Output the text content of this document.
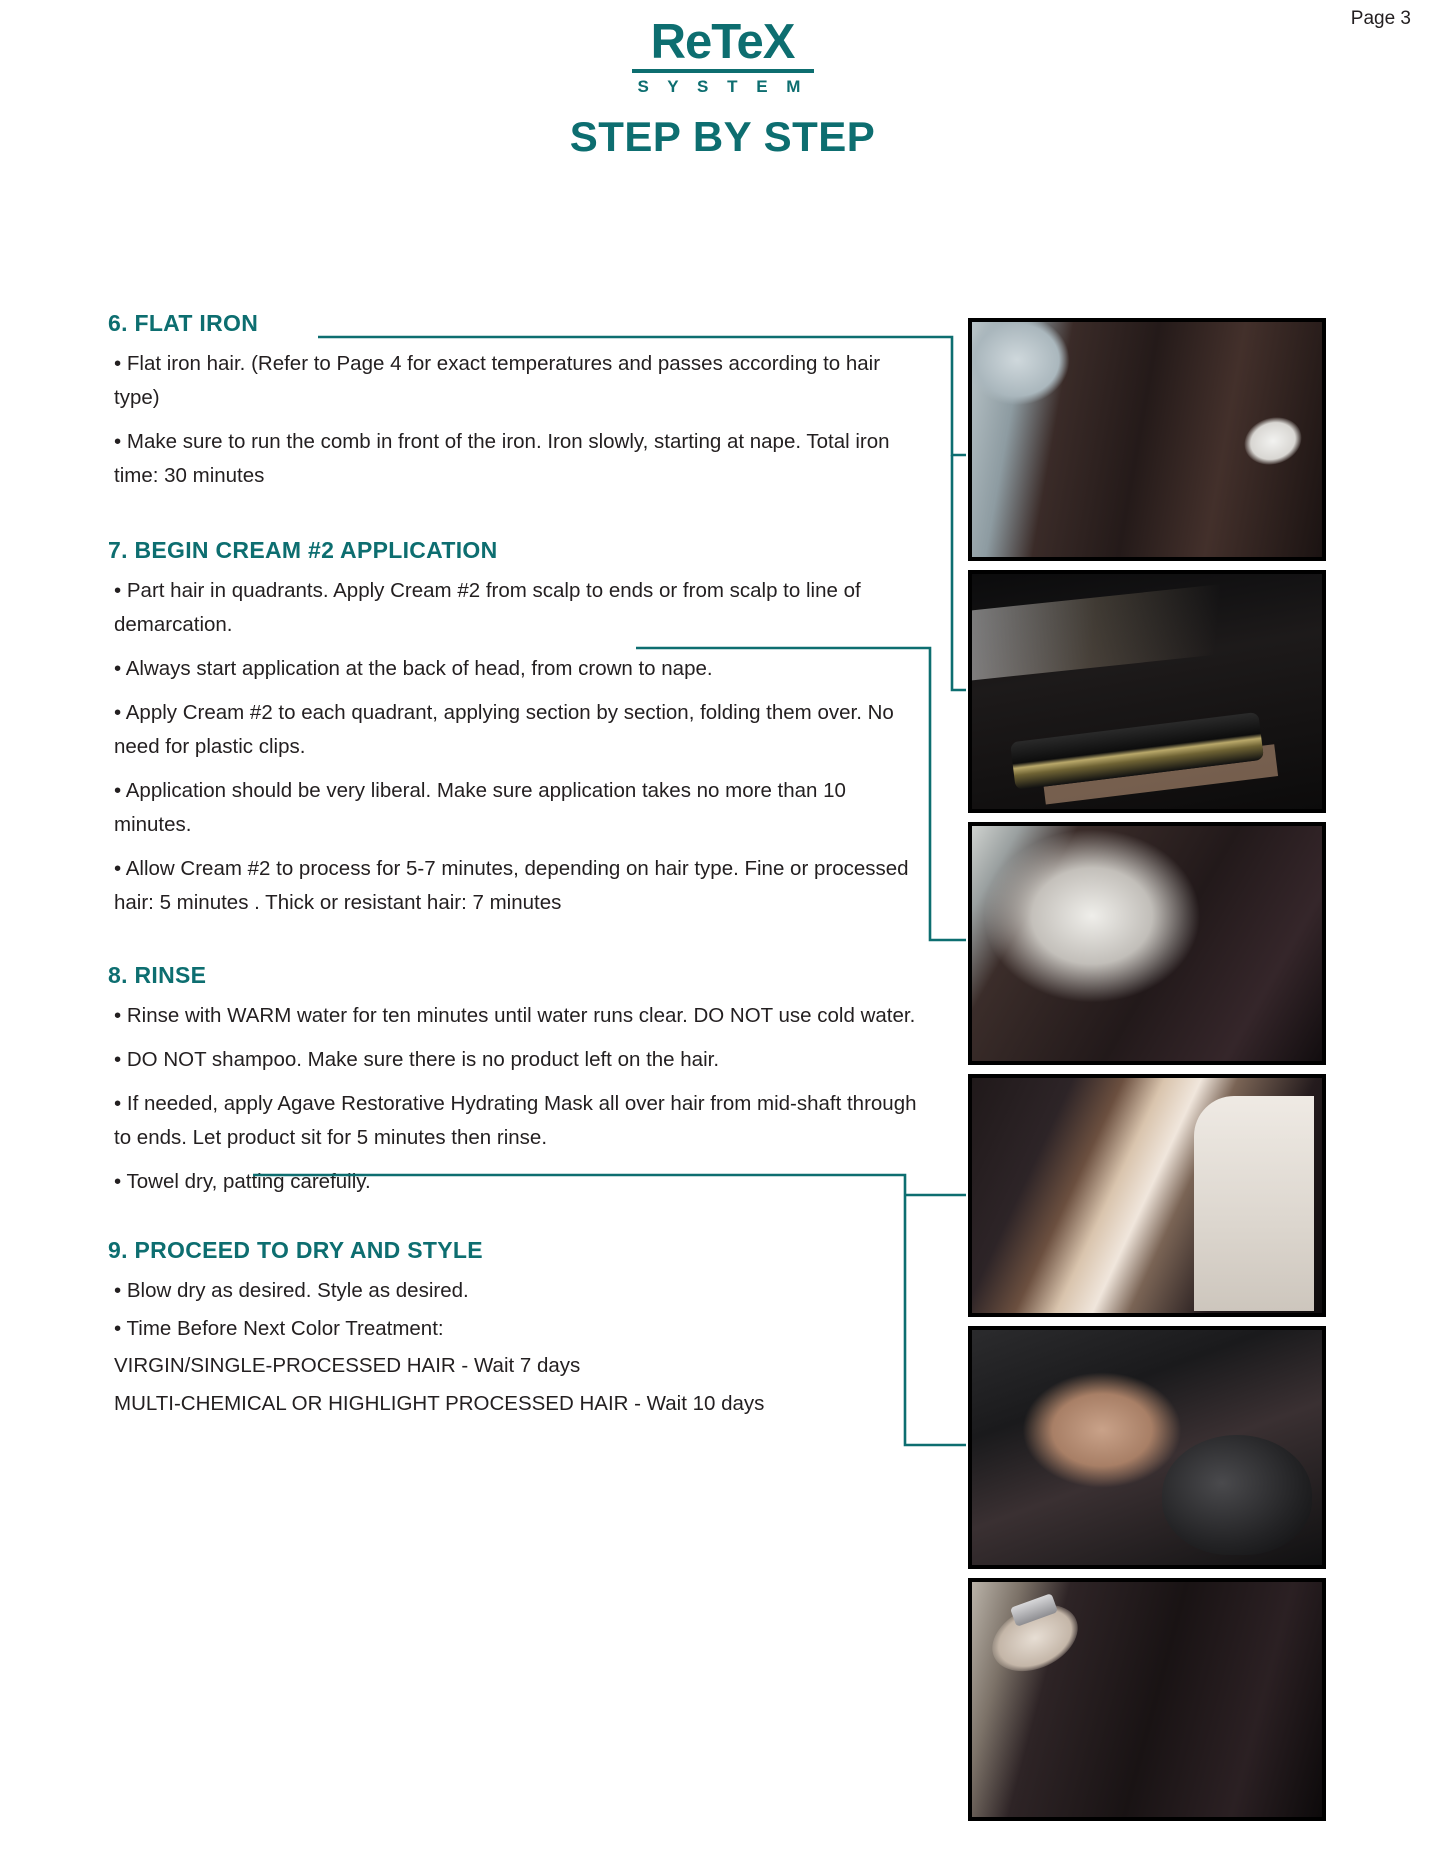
Page 3
ReTeX
S Y S T E M
STEP BY STEP
6. FLAT IRON

• Flat iron hair. (Refer to Page 4 for exact temperatures and passes according to hair type)

• Make sure to run the comb in front of the iron. Iron slowly, starting at nape. Total iron time: 30 minutes

7. BEGIN CREAM #2 APPLICATION

• Part hair in quadrants. Apply Cream #2 from scalp to ends or from scalp to line of demarcation.

• Always start application at the back of head, from crown to nape.

• Apply Cream #2 to each quadrant, applying section by section, folding them over. No need for plastic clips.

• Application should be very liberal. Make sure application takes no more than 10 minutes.

• Allow Cream #2 to process for 5-7 minutes, depending on hair type. Fine or processed hair: 5 minutes . Thick or resistant hair: 7 minutes

8. RINSE

• Rinse with WARM water for ten minutes until water runs clear. DO NOT use cold water.

• DO NOT shampoo. Make sure there is no product left on the hair.

• If needed, apply Agave Restorative Hydrating Mask all over hair from mid-shaft through to ends. Let product sit for 5 minutes then rinse.

• Towel dry, patting carefully.

9. PROCEED TO DRY AND STYLE

• Blow dry as desired. Style as desired.

• Time Before Next Color Treatment:

VIRGIN/SINGLE-PROCESSED HAIR - Wait 7 days

MULTI-CHEMICAL OR HIGHLIGHT PROCESSED HAIR - Wait 10 days
